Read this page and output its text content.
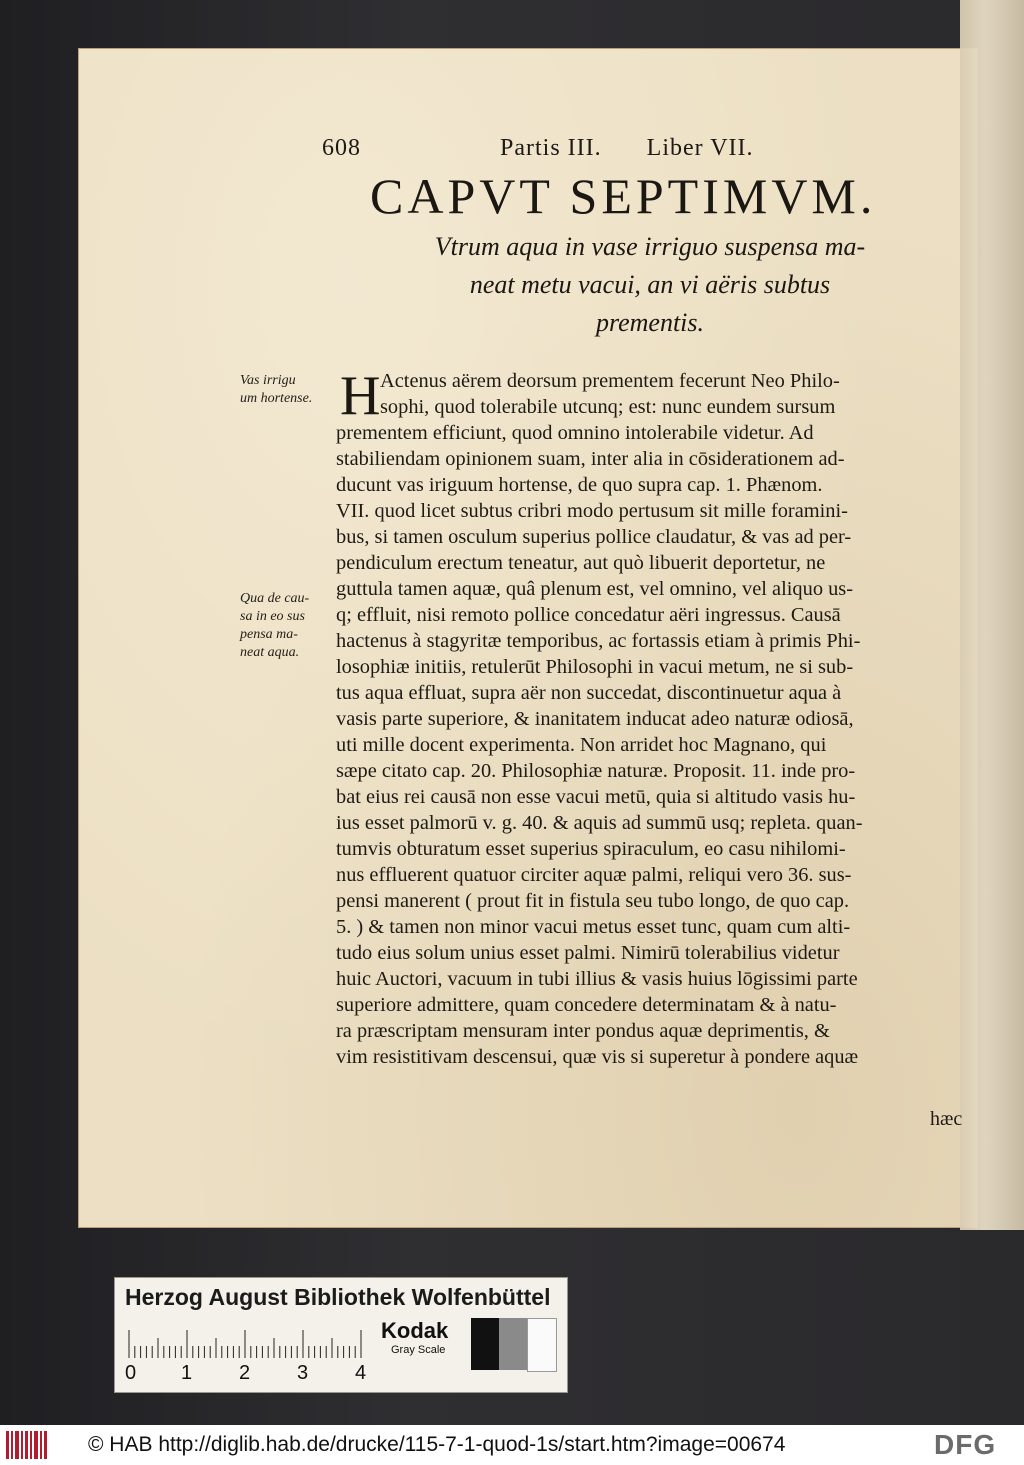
608	Partis III. Liber VII.
CAPVT SEPTIMVM.
Vtrum aqua in vase irriguo suspensa ma-
neat metu vacui, an vi aëris subtus
prementis.
Vas irrigu
um hortense.
Qua de cau-
sa in eo sus
pensa ma-
neat aqua.
H Actenus aërem deorsum prementem fecerunt Neo Philo-
sophi, quod tolerabile utcunq; est: nunc eundem sursum
prementem efficiunt, quod omnino intolerabile videtur. Ad
stabiliendam opinionem suam, inter alia in cōsiderationem ad-
ducunt vas iriguum hortense, de quo supra cap. 1. Phænom.
VII. quod licet subtus cribri modo pertusum sit mille foramini-
bus, si tamen osculum superius pollice claudatur, & vas ad per-
pendiculum erectum teneatur, aut quò libuerit deportetur, ne
guttula tamen aquæ, quâ plenum est, vel omnino, vel aliquo us-
q; effluit, nisi remoto pollice concedatur aëri ingressus. Causā
hactenus à stagyritæ temporibus, ac fortassis etiam à primis Phi-
losophiæ initiis, retulerūt Philosophi in vacui metum, ne si sub-
tus aqua effluat, supra aër non succedat, discontinuetur aqua à
vasis parte superiore, & inanitatem inducat adeo naturæ odiosā,
uti mille docent experimenta. Non arridet hoc Magnano, qui
sæpe citato cap. 20. Philosophiæ naturæ. Proposit. 11. inde pro-
bat eius rei causā non esse vacui metū, quia si altitudo vasis hu-
ius esset palmorū v. g. 40. & aquis ad summū usq; repleta. quan-
tumvis obturatum esset superius spiraculum, eo casu nihilomi-
nus effluerent quatuor circiter aquæ palmi, reliqui vero 36. sus-
pensi manerent ( prout fit in fistula seu tubo longo, de quo cap.
5. ) & tamen non minor vacui metus esset tunc, quam cum alti-
tudo eius solum unius esset palmi. Nimirū tolerabilius videtur
huic Auctori, vacuum in tubi illius & vasis huius lōgissimi parte
superiore admittere, quam concedere determinatam & à natu-
ra præscriptam mensuram inter pondus aquæ deprimentis, &
vim resistitivam descensui, quæ vis si superetur à pondere aquæ
hæc
Herzog August Bibliothek Wolfenbüttel
0 1 2 3 4
Kodak
Gray Scale
© HAB http://diglib.hab.de/drucke/115-7-1-quod-1s/start.htm?image=00674	DFG
